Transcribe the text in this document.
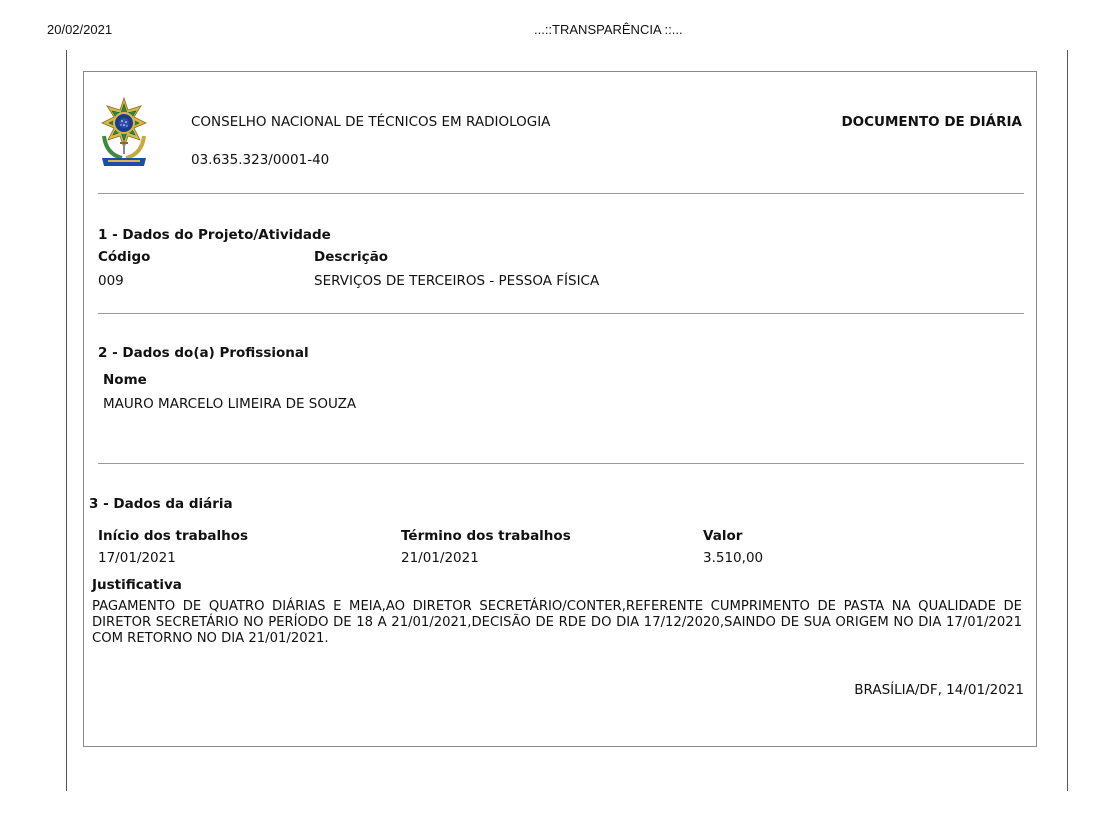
20/02/2021	...::TRANSPARÊNCIA ::...
CONSELHO NACIONAL DE TÉCNICOS EM RADIOLOGIA
03.635.323/0001-40
DOCUMENTO DE DIÁRIA
1 - Dados do Projeto/Atividade
Código	Descrição
009	SERVIÇOS DE TERCEIROS - PESSOA FÍSICA
2 - Dados do(a) Profissional
Nome
MAURO MARCELO LIMEIRA DE SOUZA
3 - Dados da diária
Início dos trabalhos	Término dos trabalhos	Valor
17/01/2021	21/01/2021	3.510,00
Justificativa
PAGAMENTO DE QUATRO DIÁRIAS E MEIA,AO DIRETOR SECRETÁRIO/CONTER,REFERENTE CUMPRIMENTO DE PASTA NA QUALIDADE DE DIRETOR SECRETÁRIO NO PERÍODO DE 18 A 21/01/2021,DECISÃO DE RDE DO DIA 17/12/2020,SAINDO DE SUA ORIGEM NO DIA 17/01/2021 COM RETORNO NO DIA 21/01/2021.
BRASÍLIA/DF, 14/01/2021
